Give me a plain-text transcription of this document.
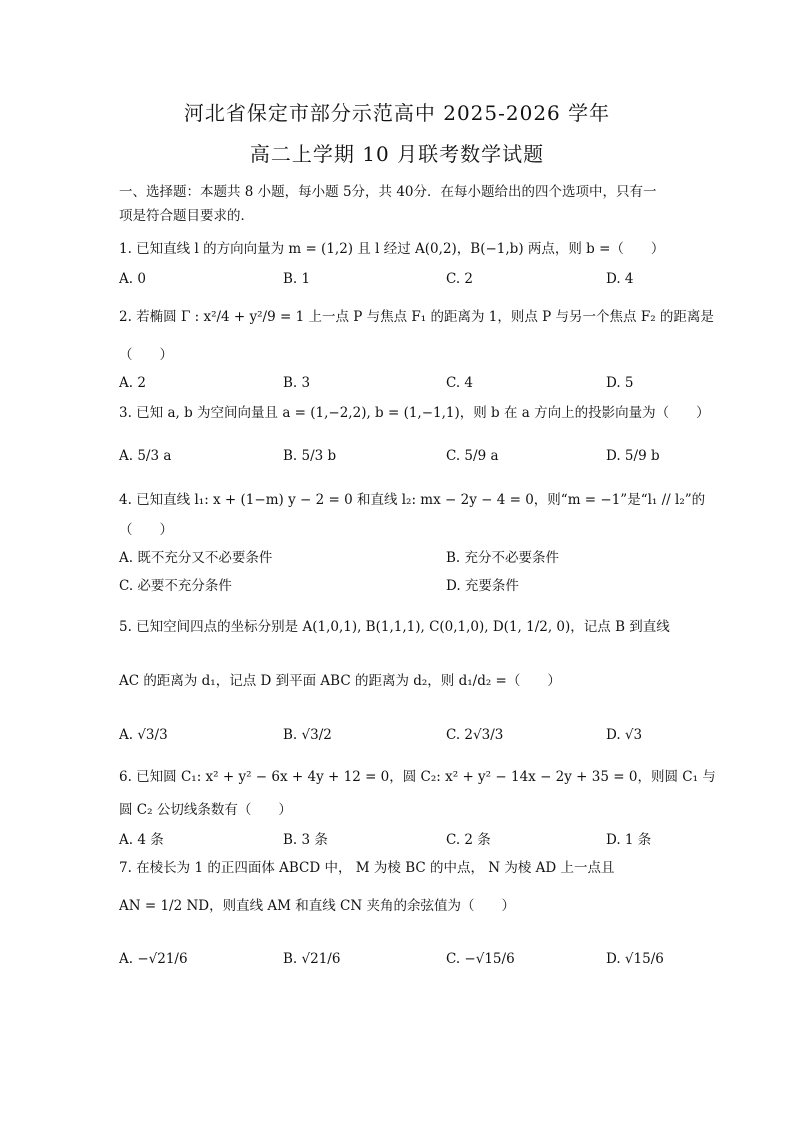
河北省保定市部分示范高中 2025-2026 学年
高二上学期 10 月联考数学试题
一、选择题：本题共 8 小题，每小题 5分，共 40分．在每小题给出的四个选项中，只有一
项是符合题目要求的．
1. 已知直线 l 的方向向量为 m = (1,2) 且 l 经过 A(0,2)，B(−1,b) 两点，则 b =（　　）
A. 0	B. 1	C. 2	D. 4
2. 若椭圆 Γ : x²/4 + y²/9 = 1 上一点 P 与焦点 F₁ 的距离为 1，则点 P 与另一个焦点 F₂ 的距离是
（　　）
A. 2	B. 3	C. 4	D. 5
3. 已知 a, b 为空间向量且 a = (1,−2,2), b = (1,−1,1)，则 b 在 a 方向上的投影向量为（　　）
A. 5/3 a	B. 5/3 b	C. 5/9 a	D. 5/9 b
4. 已知直线 l₁: x + (1−m) y − 2 = 0 和直线 l₂: mx − 2y − 4 = 0，则“m = −1”是“l₁ // l₂”的
（　　）
A. 既不充分又不必要条件	B. 充分不必要条件
C. 必要不充分条件	D. 充要条件
5. 已知空间四点的坐标分别是 A(1,0,1), B(1,1,1), C(0,1,0), D(1, 1/2, 0)，记点 B 到直线
AC 的距离为 d₁，记点 D 到平面 ABC 的距离为 d₂，则 d₁/d₂ =（　　）
A. √3/3	B. √3/2	C. 2√3/3	D. √3
6. 已知圆 C₁: x² + y² − 6x + 4y + 12 = 0，圆 C₂: x² + y² − 14x − 2y + 35 = 0，则圆 C₁ 与
圆 C₂ 公切线条数有（　　）
A. 4 条	B. 3 条	C. 2 条	D. 1 条
7. 在棱长为 1 的正四面体 ABCD 中， M 为棱 BC 的中点， N 为棱 AD 上一点且
AN = 1/2 ND，则直线 AM 和直线 CN 夹角的余弦值为（　　）
A. −√21/6	B. √21/6	C. −√15/6	D. √15/6
